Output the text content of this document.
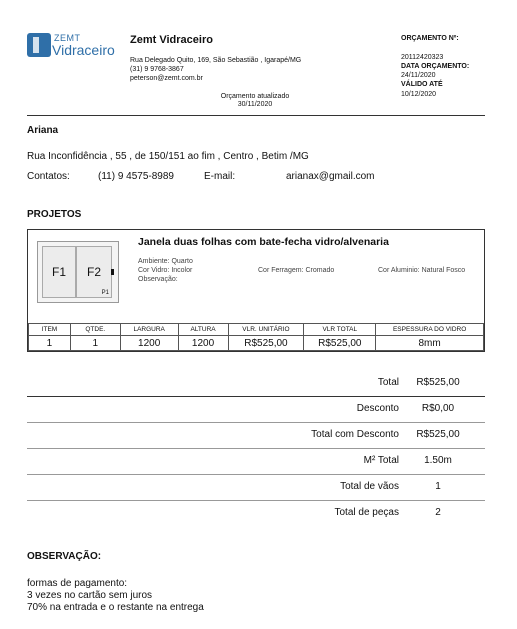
ZEMT
Vidraceiro
Zemt Vidraceiro
Rua Delegado Quito, 169, São Sebastião , Igarapé/MG
(31) 9 9768-3867
peterson@zemt.com.br
Orçamento atualizado
30/11/2020
ORÇAMENTO Nº:
20112420323
DATA ORÇAMENTO:
24/11/2020
VÁLIDO ATÉ
10/12/2020
Ariana
Rua Inconfidência , 55 , de 150/151 ao fim , Centro , Betim /MG
Contatos:	(11) 9 4575-8989	E-mail:	arianax@gmail.com
PROJETOS
F1	F2
P1
Janela duas folhas com bate-fecha vidro/alvenaria
Ambiente: Quarto
Cor Vidro: Incolor
Observação:
Cor Ferragem: Cromado	Cor Aluminio: Natural Fosco
ITEM	QTDE.	LARGURA	ALTURA	VLR. UNITÁRIO	VLR TOTAL	ESPESSURA DO VIDRO
1	1	1200	1200	R$525,00	R$525,00	8mm
Total	R$525,00
Desconto	R$0,00
Total com Desconto	R$525,00
M² Total	1.50m
Total de vãos	1
Total de peças	2
OBSERVAÇÃO:
formas de pagamento:
3 vezes no cartão sem juros
70% na entrada e o restante na entrega
